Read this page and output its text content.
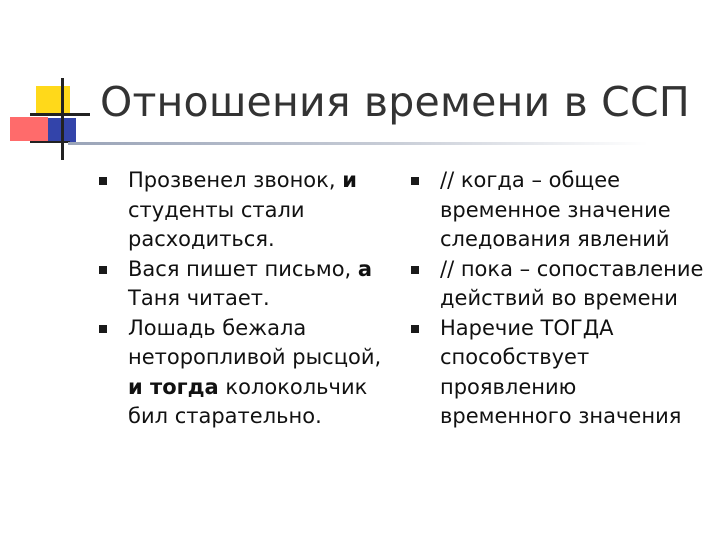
Отношения времени в ССП
Прозвенел звонок, и студенты стали расходиться.
Вася пишет письмо, а Таня читает.
Лошадь бежала неторопливой рысцой, и тогда колокольчик бил старательно.
// когда – общее временное значение следования явлений
// пока – сопоставление действий во времени
Наречие ТОГДА способствует проявлению временного значения
